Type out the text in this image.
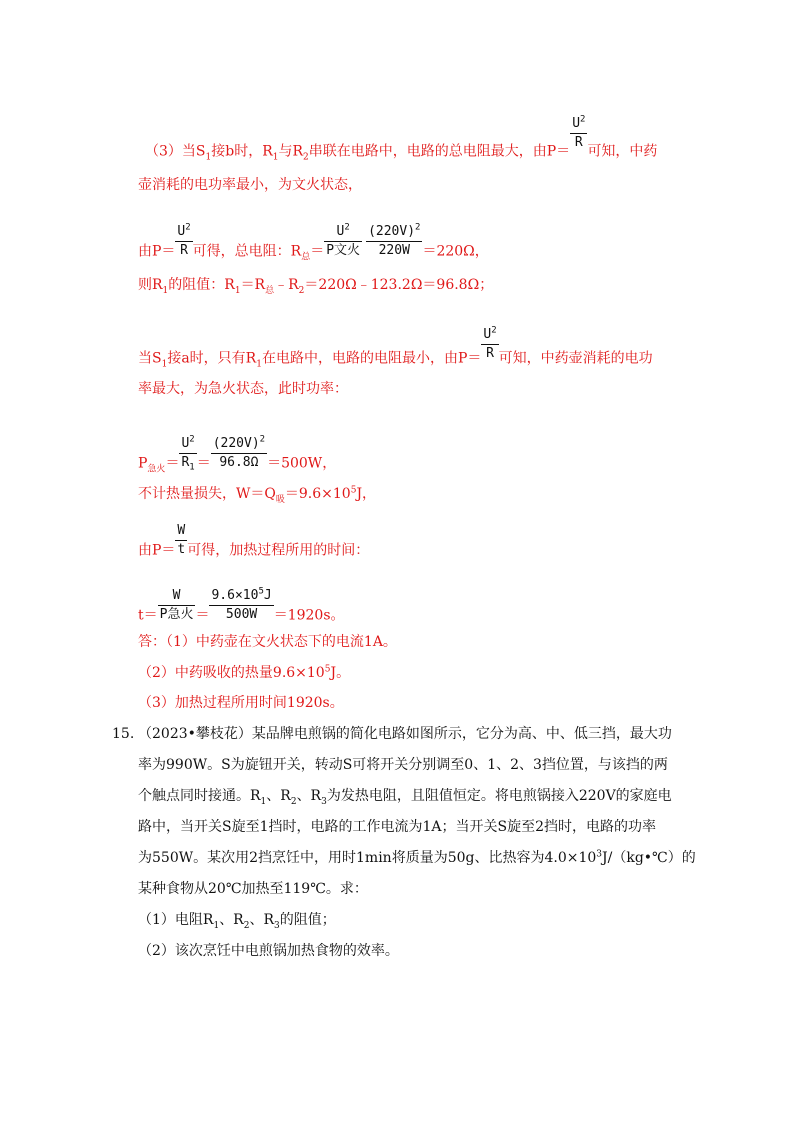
（3）当$S_1$接b时，$R_1$与$R_2$串联在电路中，电路的总电阻最大，由P＝
$\frac{U^2}{R}$
可知，中药
壶消耗的电功率最小，为文火状态，
由$P= \frac{U^2}{R}$ 可得，总电阻：$R_总= \frac{U^2}{\text{P文火}} \frac{(220V)^2}{220W} =220\Omega$，
则$R_1$的阻值：$R_1=R_总﹣R_2=220\Omega﹣123.2\Omega=96.8\Omega$；
当$S_1$接a时，只有$R_1$在电路中，电路的电阻最小，由$P= \frac{U^2}{R}$ 可知，中药壶消耗的电功
率最大，为急火状态，此时功率：
$P_{急火}= \frac{U^2}{R_1} = \frac{(220V)^2}{96.8\Omega} =500W$，
不计热量损失，$W=Q_吸=9.6\times 10^5J$，
由$P= \frac{W}{t}$ 可得，加热过程所用的时间：
$t= \frac{W}{\text{P急火}} = \frac{9.6\times 10^5J}{500W} =1920s$。
答：（1）中药壶在文火状态下的电流1A。
（2）中药吸收的热量$9.6\times 10^5J$。
（3）加热过程所用时间1920s。
15. （2023•攀枝花）某品牌电煎锅的简化电路如图所示，它分为高、中、低三挡，最大功
率为990W。S为旋钮开关，转动S可将开关分别调至0、1、2、3挡位置，与该挡的两
个触点同时接通。$R_1$、$R_2$、$R_3$为发热电阻，且阻值恒定。将电煎锅接入220V的家庭电
路中，当开关S旋至1挡时，电路的工作电流为1A；当开关S旋至2挡时，电路的功率
为550W。某次用2挡烹饪中，用时1min将质量为50g、比热容为$4.0\times 10^3J/(kg•℃)$的
某种食物从20℃加热至119℃。求：
（1）电阻$R_1$、$R_2$、$R_3$的阻值；
（2）该次烹饪中电煎锅加热食物的效率。
